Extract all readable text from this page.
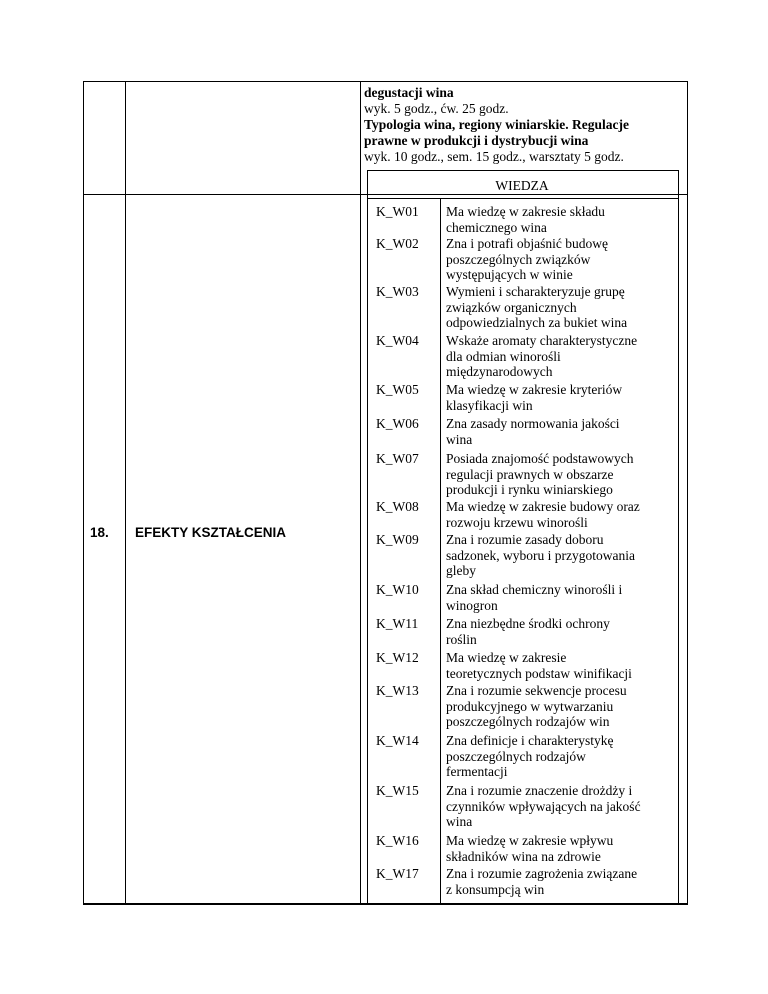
degustacji wina
wyk. 5 godz., ćw. 25 godz.
Typologia wina, regiony winiarskie. Regulacje
prawne w produkcji i dystrybucji wina
wyk. 10 godz., sem. 15 godz., warsztaty 5 godz.
18. EFEKTY KSZTAŁCENIA
WIEDZA
K_W01 Ma wiedzę w zakresie składu
chemicznego wina
K_W02 Zna i potrafi objaśnić budowę
poszczególnych związków
występujących w winie
K_W03 Wymieni i scharakteryzuje grupę
związków organicznych
odpowiedzialnych za bukiet wina
K_W04 Wskaże aromaty charakterystyczne
dla odmian winorośli
międzynarodowych
K_W05 Ma wiedzę w zakresie kryteriów
klasyfikacji win
K_W06 Zna zasady normowania jakości
wina
K_W07 Posiada znajomość podstawowych
regulacji prawnych w obszarze
produkcji i rynku winiarskiego
K_W08 Ma wiedzę w zakresie budowy oraz
rozwoju krzewu winorośli
K_W09 Zna i rozumie zasady doboru
sadzonek, wyboru i przygotowania
gleby
K_W10 Zna skład chemiczny winorośli i
winogron
K_W11 Zna niezbędne środki ochrony
roślin
K_W12 Ma wiedzę w zakresie
teoretycznych podstaw winifikacji
K_W13 Zna i rozumie sekwencje procesu
produkcyjnego w wytwarzaniu
poszczególnych rodzajów win
K_W14 Zna definicje i charakterystykę
poszczególnych rodzajów
fermentacji
K_W15 Zna i rozumie znaczenie drożdży i
czynników wpływających na jakość
wina
K_W16 Ma wiedzę w zakresie wpływu
składników wina na zdrowie
K_W17 Zna i rozumie zagrożenia związane
z konsumpcją win
